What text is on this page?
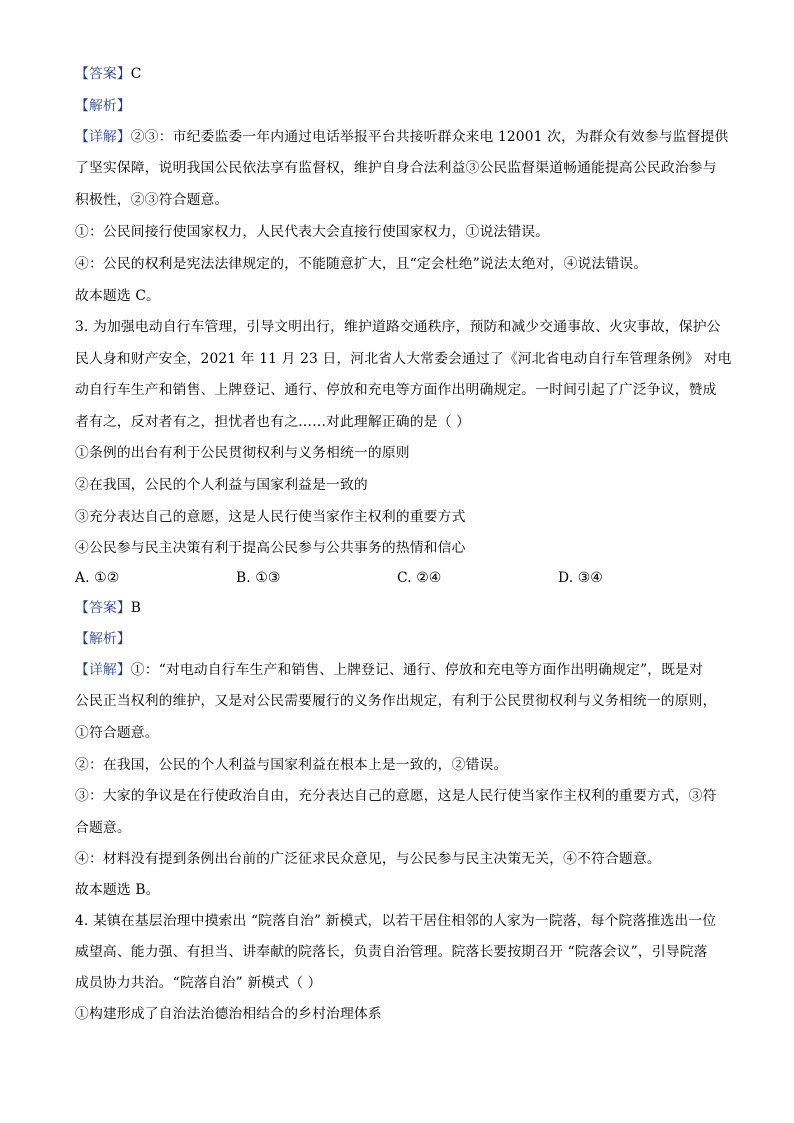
【答案】C
【解析】
【详解】②③：市纪委监委一年内通过电话举报平台共接听群众来电 12001 次，为群众有效参与监督提供
了坚实保障，说明我国公民依法享有监督权，维护自身合法利益③公民监督渠道畅通能提高公民政治参与
积极性，②③符合题意。
①：公民间接行使国家权力，人民代表大会直接行使国家权力，①说法错误。
④：公民的权利是宪法法律规定的，不能随意扩大，且“定会杜绝”说法太绝对，④说法错误。
故本题选 C。
3. 为加强电动自行车管理，引导文明出行，维护道路交通秩序，预防和减少交通事故、火灾事故，保护公
民人身和财产安全，2021 年 11 月 23 日，河北省人大常委会通过了《河北省电动自行车管理条例》 对电
动自行车生产和销售、上牌登记、通行、停放和充电等方面作出明确规定。一时间引起了广泛争议，赞成
者有之，反对者有之，担忧者也有之……对此理解正确的是（ ）
①条例的出台有利于公民贯彻权利与义务相统一的原则
②在我国，公民的个人利益与国家利益是一致的
③充分表达自己的意愿，这是人民行使当家作主权利的重要方式
④公民参与民主决策有利于提高公民参与公共事务的热情和信心
A. ①②	B. ①③	C. ②④	D. ③④
【答案】B
【解析】
【详解】①：“对电动自行车生产和销售、上牌登记、通行、停放和充电等方面作出明确规定”，既是对
公民正当权利的维护，又是对公民需要履行的义务作出规定，有利于公民贯彻权利与义务相统一的原则，
①符合题意。
②：在我国，公民的个人利益与国家利益在根本上是一致的，②错误。
③：大家的争议是在行使政治自由，充分表达自己的意愿，这是人民行使当家作主权利的重要方式，③符
合题意。
④：材料没有提到条例出台前的广泛征求民众意见，与公民参与民主决策无关，④不符合题意。
故本题选 B。
4. 某镇在基层治理中摸索出 “院落自治” 新模式，以若干居住相邻的人家为一院落，每个院落推选出一位
威望高、能力强、有担当、讲奉献的院落长，负责自治管理。院落长要按期召开 “院落会议”，引导院落
成员协力共治。“院落自治” 新模式（ ）
①构建形成了自治法治德治相结合的乡村治理体系
